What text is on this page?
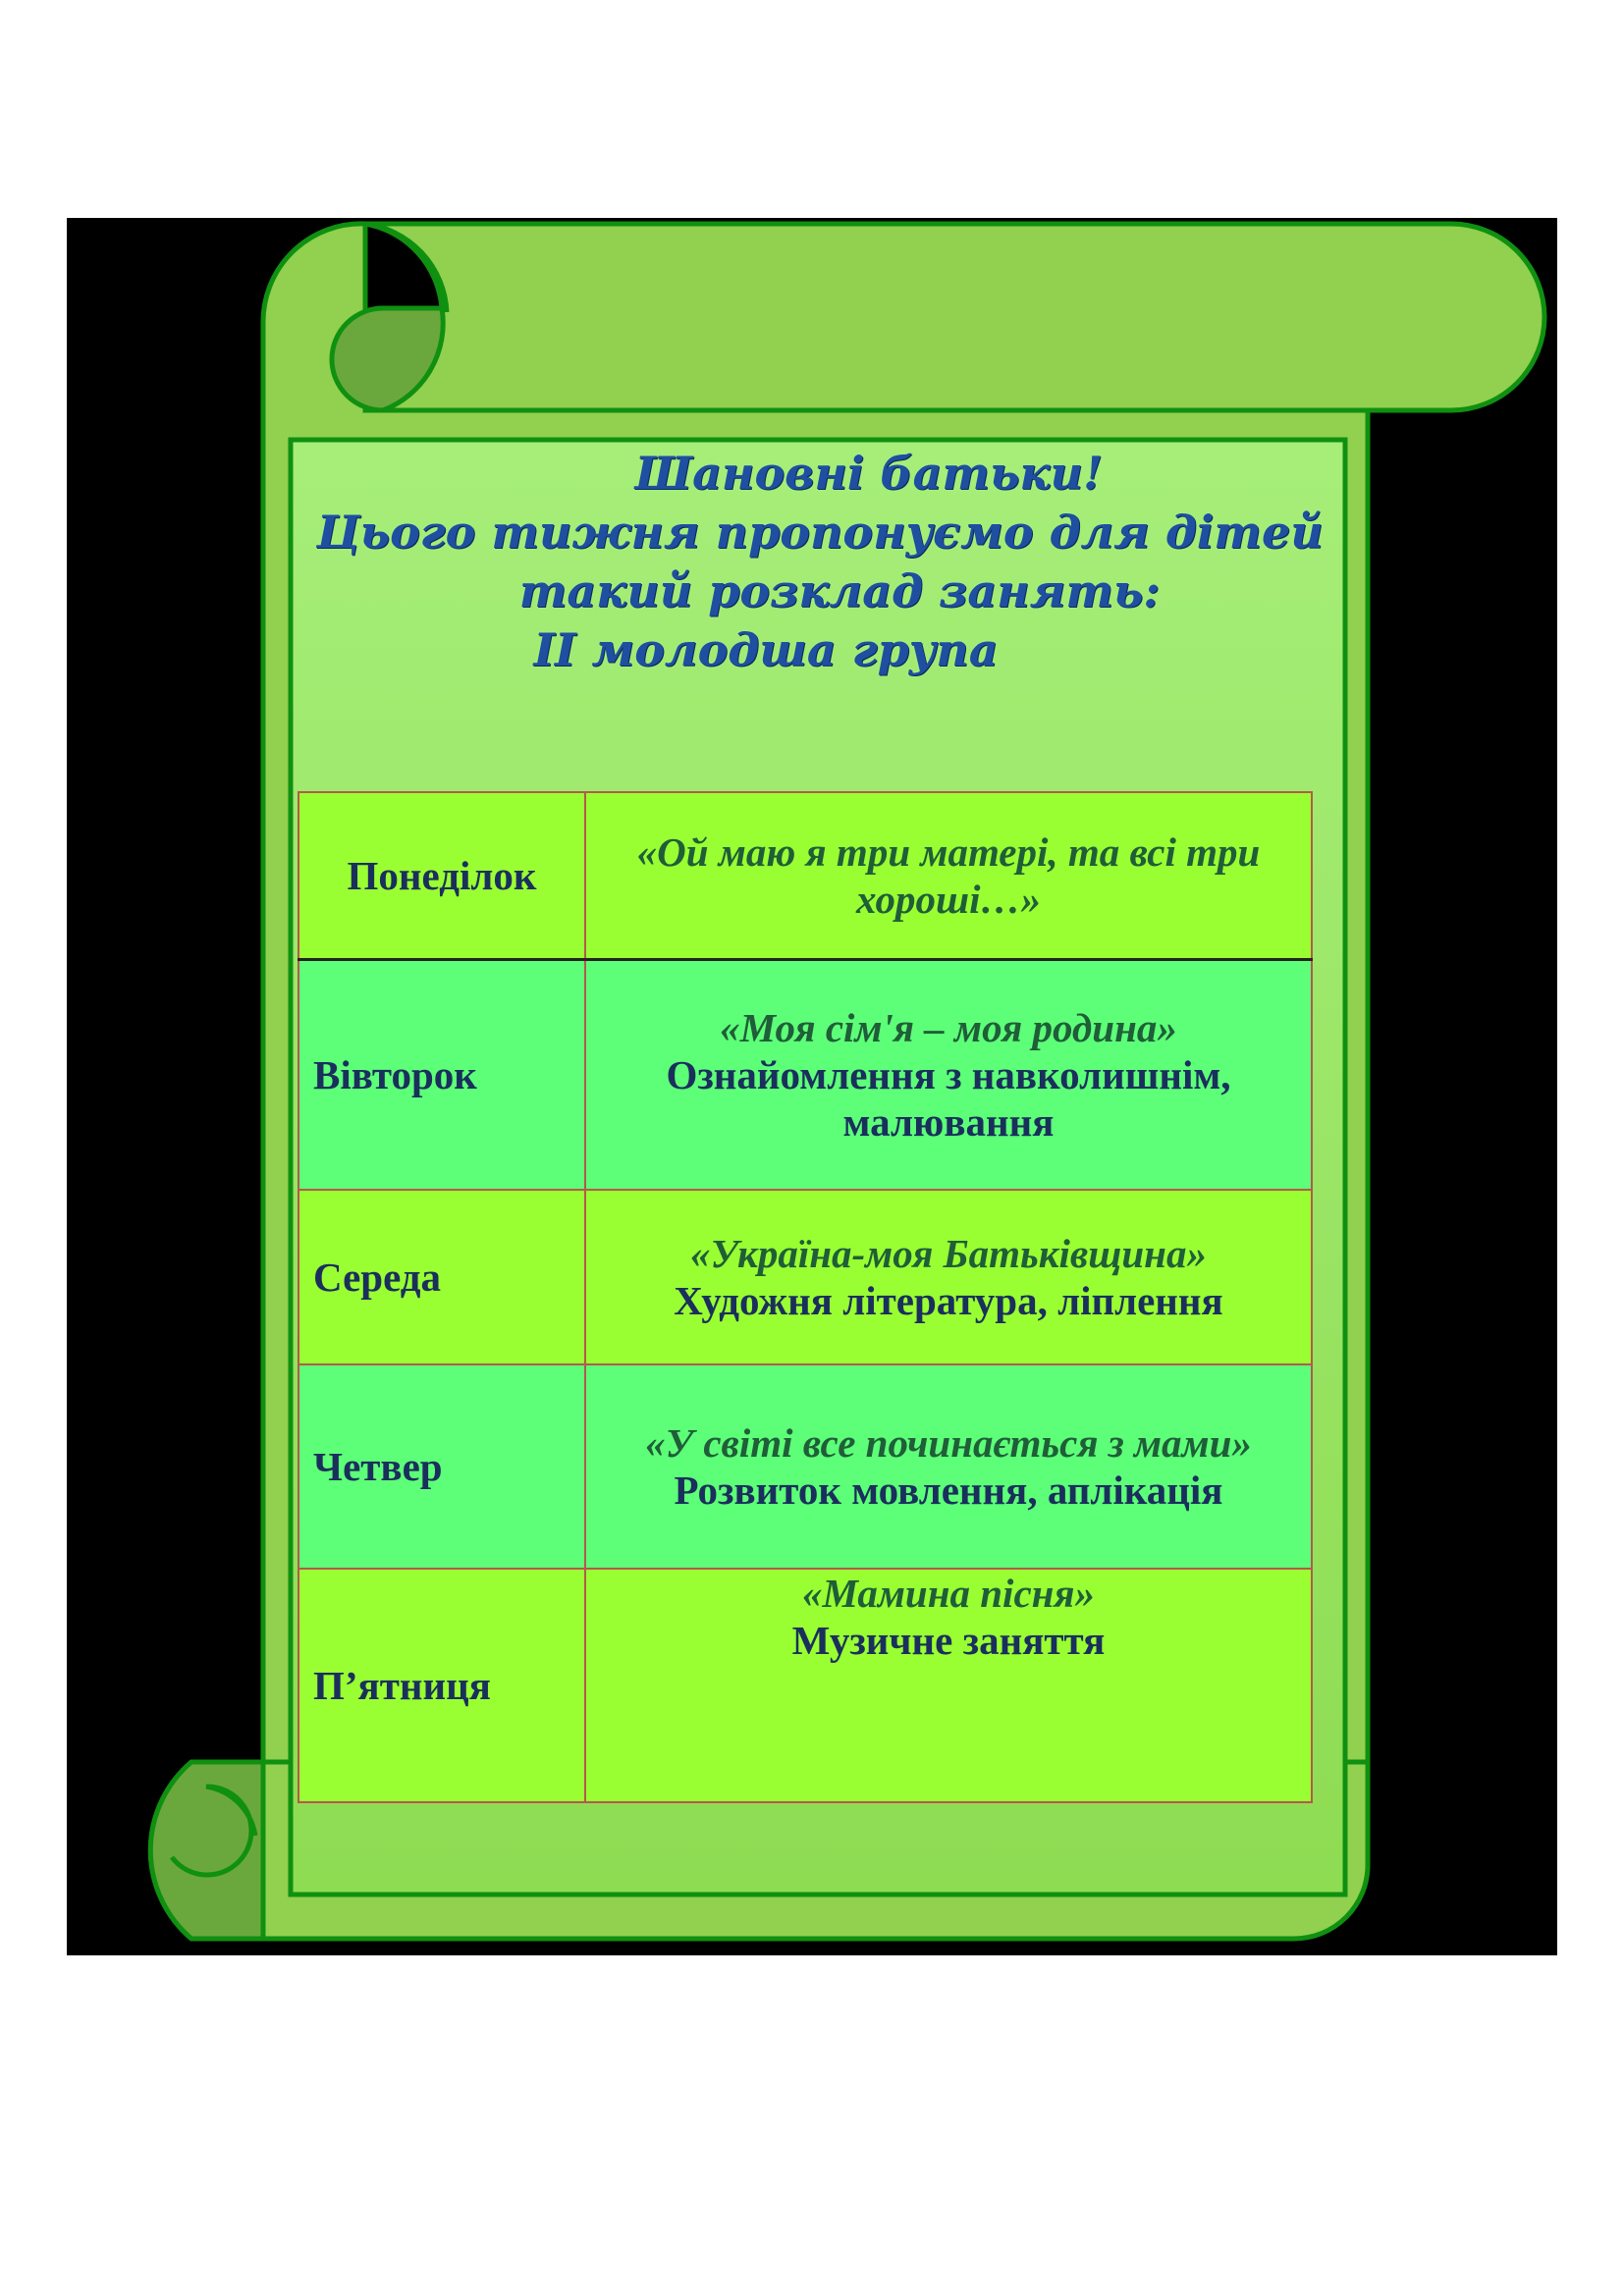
Шановні батьки!
Цього тижня пропонуємо для дітей
такий розклад занять:
ІІ молодша група
Понеділок	«Ой маю я три матері, та всі три хороші…»

Вівторок	«Моя сім'я – моя родина»
Ознайомлення з навколишнім, малювання

Середа	«Україна-моя Батьківщина»
Художня література, ліплення

Четвер	«У світі все починається з мами»
Розвиток мовлення, аплікація

П’ятниця	«Мамина пісня»
Музичне заняття
